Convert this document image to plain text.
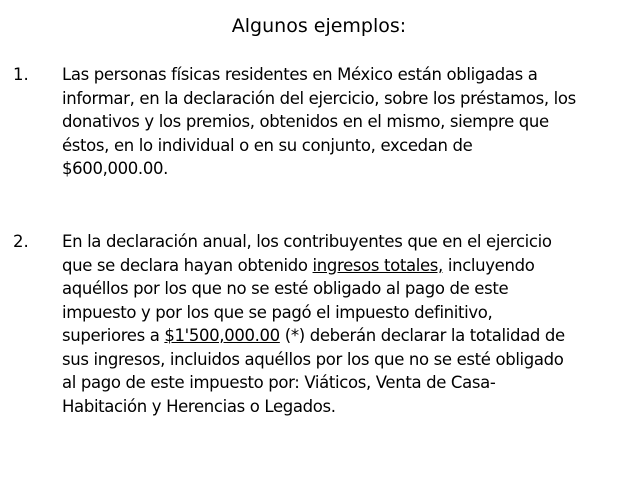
Algunos ejemplos:
1. Las personas físicas residentes en México están obligadas a
informar, en la declaración del ejercicio, sobre los préstamos, los
donativos y los premios, obtenidos en el mismo, siempre que
éstos, en lo individual o en su conjunto, excedan de
$600,000.00.
2. En la declaración anual, los contribuyentes que en el ejercicio
que se declara hayan obtenido ingresos totales, incluyendo
aquéllos por los que no se esté obligado al pago de este
impuesto y por los que se pagó el impuesto definitivo,
superiores a $1'500,000.00 (*) deberán declarar la totalidad de
sus ingresos, incluidos aquéllos por los que no se esté obligado
al pago de este impuesto por: Viáticos, Venta de Casa-
Habitación y Herencias o Legados.
